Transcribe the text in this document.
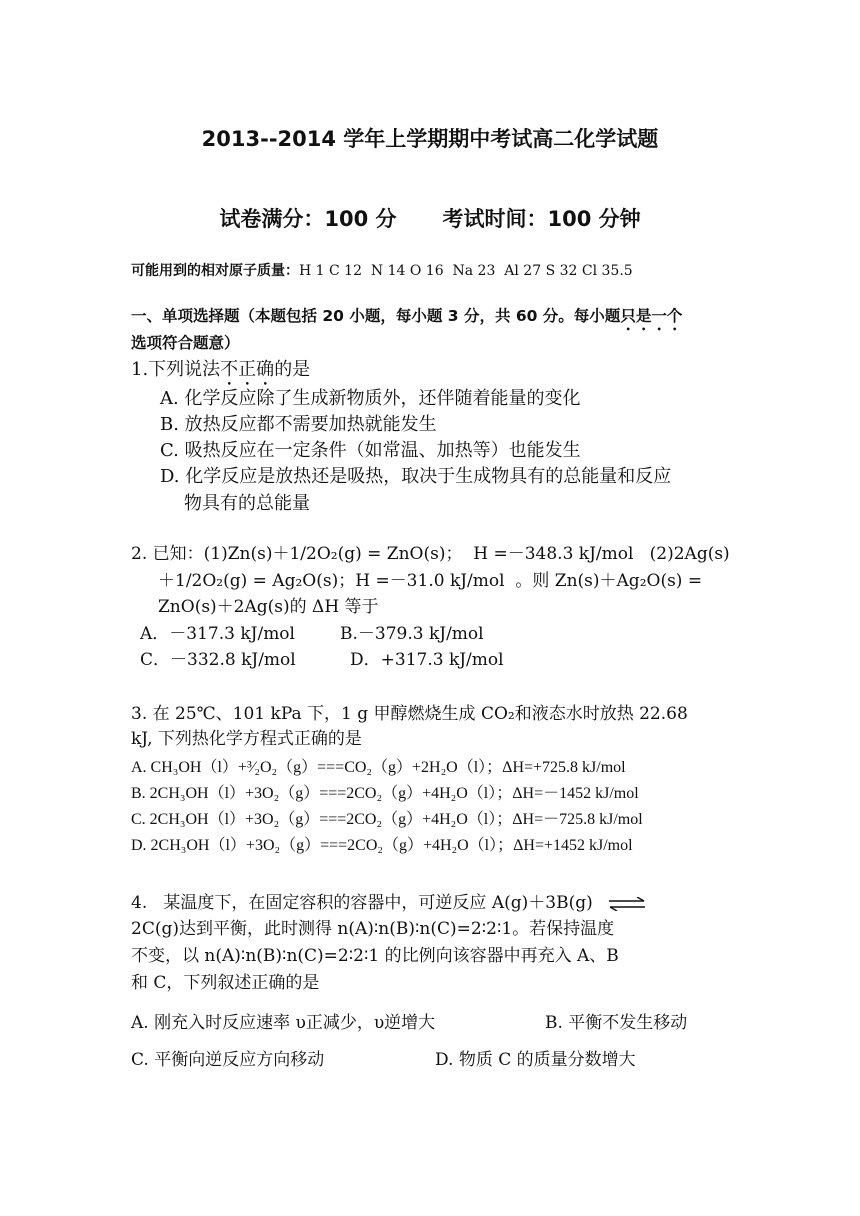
2013--2014 学年上学期期中考试高二化学试题
试卷满分：100 分 考试时间：100 分钟
可能用到的相对原子质量：H 1 C 12  N 14 O 16  Na 23  Al 27 S 32 Cl 35.5
一、单项选择题（本题包括 20 小题，每小题 3 分，共 60 分。每小题只是一个
选项符合题意）
1.下列说法不正确的是
A. 化学反应除了生成新物质外，还伴随着能量的变化
B. 放热反应都不需要加热就能发生
C. 吸热反应在一定条件（如常温、加热等）也能发生
D. 化学反应是放热还是吸热，取决于生成物具有的总能量和反应
物具有的总能量
2. 已知：(1)Zn(s)＋1/2O₂(g) = ZnO(s)；  H =－348.3 kJ/mol   (2)2Ag(s)
＋1/2O₂(g) = Ag₂O(s)；H =－31.0 kJ/mol  。则 Zn(s)＋Ag₂O(s) =
ZnO(s)＋2Ag(s)的 ΔH 等于
A．－317.3 kJ/mol	B.－379.3 kJ/mol
C．－332.8 kJ/mol	D．+317.3 kJ/mol
3. 在 25℃、101 kPa 下，1 g 甲醇燃烧生成 CO₂和液态水时放热 22.68
kJ, 下列热化学方程式正确的是
A. CH₃OH（l）+³⁄₂O₂（g）===CO₂（g）+2H₂O（l）；ΔH=+725.8 kJ/mol
B. 2CH₃OH（l）+3O₂（g）===2CO₂（g）+4H₂O（l）；ΔH=－1452 kJ/mol
C. 2CH₃OH（l）+3O₂（g）===2CO₂（g）+4H₂O（l）；ΔH=－725.8 kJ/mol
D. 2CH₃OH（l）+3O₂（g）===2CO₂（g）+4H₂O（l）；ΔH=+1452 kJ/mol
4.   某温度下，在固定容积的容器中，可逆反应 A(g)＋3B(g) ⇌
2C(g)达到平衡，此时测得 n(A)∶n(B)∶n(C)=2∶2∶1。若保持温度
不变，以 n(A)∶n(B)∶n(C)=2∶2∶1 的比例向该容器中再充入 A、B
和 C，下列叙述正确的是
A. 刚充入时反应速率 υ正减少，υ逆增大	B. 平衡不发生移动
C. 平衡向逆反应方向移动	D. 物质 C 的质量分数增大
